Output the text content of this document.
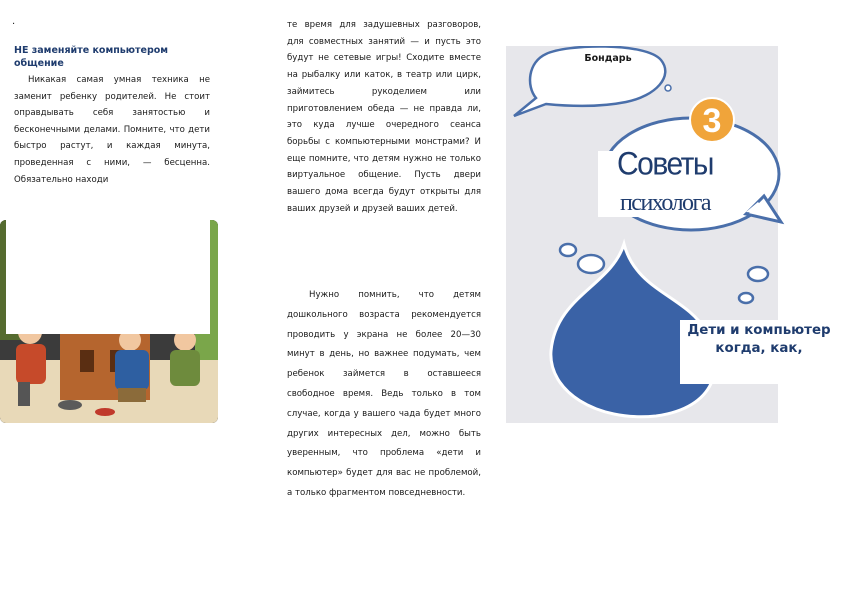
.
НЕ заменяйте компьютером общение
Никакая самая умная техника не заменит ребенку родителей. Не стоит оправдывать себя занятостью и бесконечными делами. Помните, что дети быстро растут, и каждая минута, проведенная с ними, — бесценна. Обязательно находи
те время для задушевных разговоров, для совместных занятий — и пусть это будут не сетевые игры! Сходите вместе на рыбалку или каток, в театр или цирк, займитесь рукоделием или приготовлением обеда — не правда ли, это куда лучше очередного сеанса борьбы с компьютерными монстрами? И еще помните, что детям нужно не только виртуальное общение. Пусть двери вашего дома всегда будут открыты для ваших друзей и друзей ваших детей.
Нужно помнить, что детям дошкольного возраста рекомендуется проводить у экрана не более 20—30 минут в день, но важнее подумать, чем ребенок займется в оставшееся свободное время. Ведь только в том случае, когда у вашего чада будет много других интересных дел, можно быть уверенным, что проблема «дети и компьютер» будет для вас не проблемой, а только фрагментом повседневности.
3
Бондарь
Советы
психолога
Дети и компьютер когда, как,
